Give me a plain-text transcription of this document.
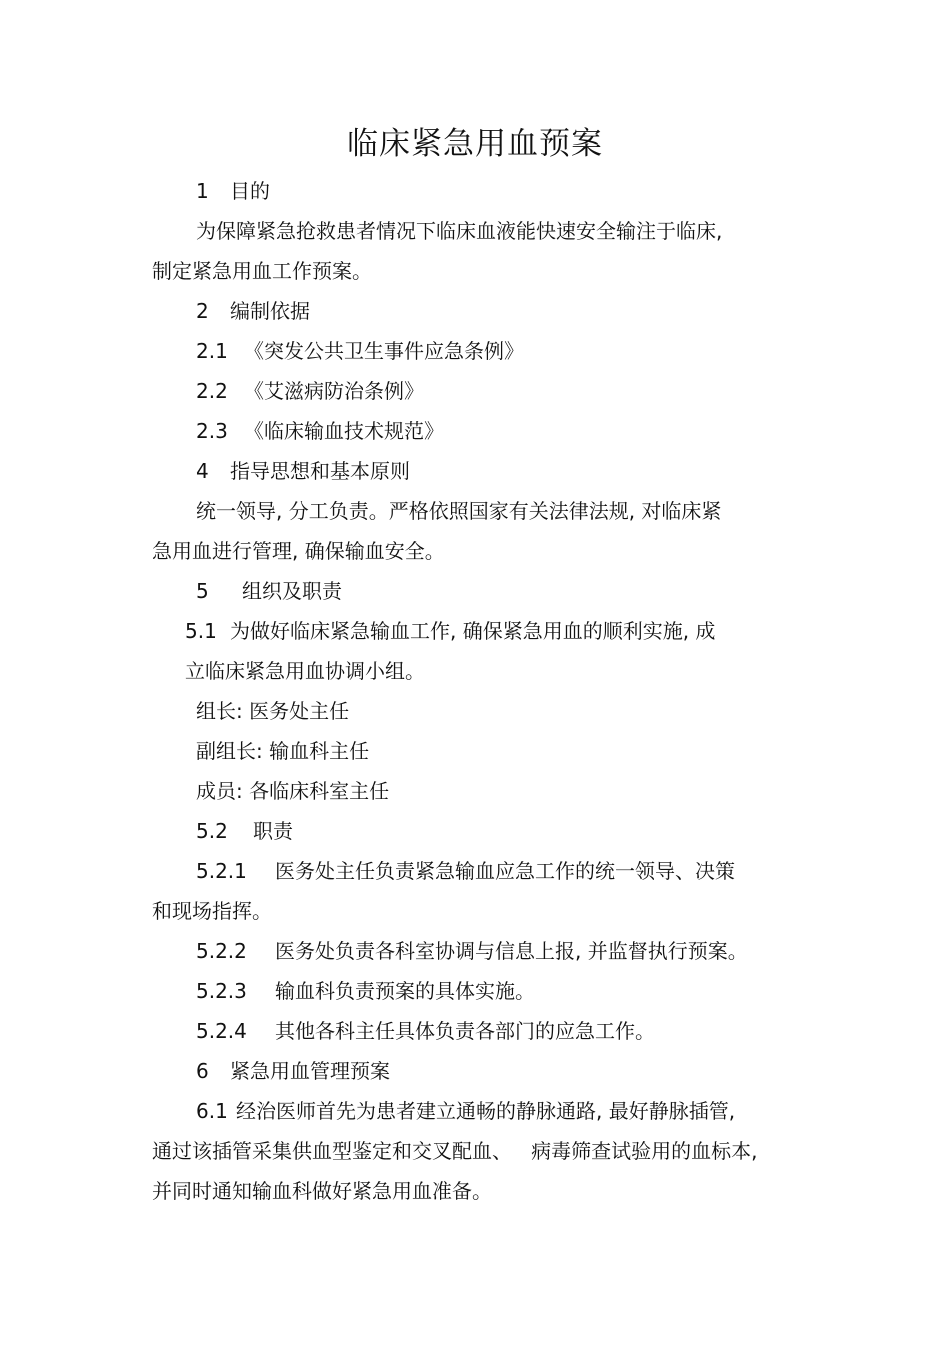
临床紧急用血预案
1 目的
为保障紧急抢救患者情况下临床血液能快速安全输注于临床,
制定紧急用血工作预案。
2 编制依据
2.1 《突发公共卫生事件应急条例》
2.2 《艾滋病防治条例》
2.3 《临床输血技术规范》
4 指导思想和基本原则
统一领导, 分工负责。严格依照国家有关法律法规, 对临床紧
急用血进行管理, 确保输血安全。
5 组织及职责
5.1 为做好临床紧急输血工作, 确保紧急用血的顺利实施, 成
立临床紧急用血协调小组。
组长: 医务处主任
副组长: 输血科主任
成员: 各临床科室主任
5.2 职责
5.2.1 医务处主任负责紧急输血应急工作的统一领导、决策
和现场指挥。
5.2.2 医务处负责各科室协调与信息上报, 并监督执行预案。
5.2.3 输血科负责预案的具体实施。
5.2.4 其他各科主任具体负责各部门的应急工作。
6 紧急用血管理预案
6.1 经治医师首先为患者建立通畅的静脉通路, 最好静脉插管,
通过该插管采集供血型鉴定和交叉配血、   病毒筛查试验用的血标本,
并同时通知输血科做好紧急用血准备。
